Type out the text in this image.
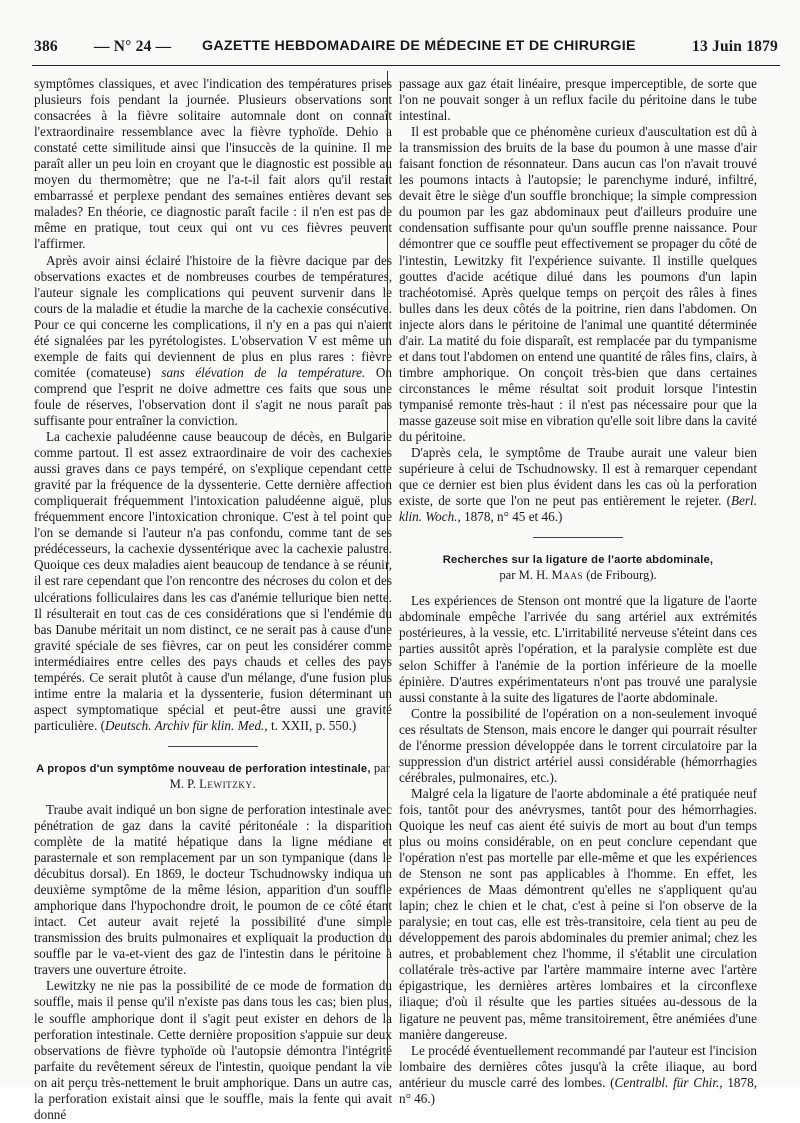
386 — N° 24 — GAZETTE HEBDOMADAIRE DE MÉDECINE ET DE CHIRURGIE	13 Juin 1879

symptômes classiques, et avec l'indication des températures prises plusieurs fois pendant la journée. Plusieurs observations sont consacrées à la fièvre solitaire automnale dont on connaît l'extraordinaire ressemblance avec la fièvre typhoïde. Dehio a constaté cette similitude ainsi que l'insuccès de la quinine. Il me paraît aller un peu loin en croyant que le diagnostic est possible au moyen du thermomètre; que ne l'a-t-il fait alors qu'il restait embarrassé et perplexe pendant des semaines entières devant ses malades? En théorie, ce diagnostic paraît facile : il n'en est pas de même en pratique, tout ceux qui ont vu ces fièvres peuvent l'affirmer.

Après avoir ainsi éclairé l'histoire de la fièvre dacique par des observations exactes et de nombreuses courbes de températures, l'auteur signale les complications qui peuvent survenir dans le cours de la maladie et étudie la marche de la cachexie consécutive. Pour ce qui concerne les complications, il n'y en a pas qui n'aient été signalées par les pyrétologistes. L'observation V est même un exemple de faits qui deviennent de plus en plus rares : fièvre comitée (comateuse) sans élévation de la température. On comprend que l'esprit ne doive admettre ces faits que sous une foule de réserves, l'observation dont il s'agit ne nous paraît pas suffisante pour entraîner la conviction.

La cachexie paludéenne cause beaucoup de décès, en Bulgarie comme partout. Il est assez extraordinaire de voir des cachexies aussi graves dans ce pays tempéré, on s'explique cependant cette gravité par la fréquence de la dyssenterie. Cette dernière affection compliquerait fréquemment l'intoxication paludéenne aiguë, plus fréquemment encore l'intoxication chronique. C'est à tel point que l'on se demande si l'auteur n'a pas confondu, comme tant de ses prédécesseurs, la cachexie dyssentérique avec la cachexie palustre. Quoique ces deux maladies aient beaucoup de tendance à se réunir, il est rare cependant que l'on rencontre des nécroses du colon et des ulcérations folliculaires dans les cas d'anémie tellurique bien nette. Il résulterait en tout cas de ces considérations que si l'endémie du bas Danube méritait un nom distinct, ce ne serait pas à cause d'une gravité spéciale de ses fièvres, car on peut les considérer comme intermédiaires entre celles des pays chauds et celles des pays tempérés. Ce serait plutôt à cause d'un mélange, d'une fusion plus intime entre la malaria et la dyssenterie, fusion déterminant un aspect symptomatique spécial et peut-être aussi une gravité particulière. (Deutsch. Archiv für klin. Med., t. XXII, p. 550.)

A propos d'un symptôme nouveau de perforation intestinale, par M. P. Lewitzky.

Traube avait indiqué un bon signe de perforation intestinale avec pénétration de gaz dans la cavité péritonéale : la disparition complète de la matité hépatique dans la ligne médiane et parasternale et son remplacement par un son tympanique (dans le décubitus dorsal). En 1869, le docteur Tschudnowsky indiqua un deuxième symptôme de la même lésion, apparition d'un souffle amphorique dans l'hypochondre droit, le poumon de ce côté étant intact. Cet auteur avait rejeté la possibilité d'une simple transmission des bruits pulmonaires et expliquait la production du souffle par le va-et-vient des gaz de l'intestin dans le péritoine à travers une ouverture étroite.

Lewitzky ne nie pas la possibilité de ce mode de formation du souffle, mais il pense qu'il n'existe pas dans tous les cas; bien plus, le souffle amphorique dont il s'agit peut exister en dehors de la perforation intestinale. Cette dernière proposition s'appuie sur deux observations de fièvre typhoïde où l'autopsie démontra l'intégrité parfaite du revêtement séreux de l'intestin, quoique pendant la vie on ait perçu très-nettement le bruit amphorique. Dans un autre cas, la perforation existait ainsi que le souffle, mais la fente qui avait donné

passage aux gaz était linéaire, presque imperceptible, de sorte que l'on ne pouvait songer à un reflux facile du péritoine dans le tube intestinal.

Il est probable que ce phénomène curieux d'auscultation est dû à la transmission des bruits de la base du poumon à une masse d'air faisant fonction de résonnateur. Dans aucun cas l'on n'avait trouvé les poumons intacts à l'autopsie; le parenchyme induré, infiltré, devait être le siège d'un souffle bronchique; la simple compression du poumon par les gaz abdominaux peut d'ailleurs produire une condensation suffisante pour qu'un souffle prenne naissance. Pour démontrer que ce souffle peut effectivement se propager du côté de l'intestin, Lewitzky fit l'expérience suivante. Il instille quelques gouttes d'acide acétique dilué dans les poumons d'un lapin trachéotomisé. Après quelque temps on perçoit des râles à fines bulles dans les deux côtés de la poitrine, rien dans l'abdomen. On injecte alors dans le péritoine de l'animal une quantité déterminée d'air. La matité du foie disparaît, est remplacée par du tympanisme et dans tout l'abdomen on entend une quantité de râles fins, clairs, à timbre amphorique. On conçoit très-bien que dans certaines circonstances le même résultat soit produit lorsque l'intestin tympanisé remonte très-haut : il n'est pas nécessaire pour que la masse gazeuse soit mise en vibration qu'elle soit libre dans la cavité du péritoine.

D'après cela, le symptôme de Traube aurait une valeur bien supérieure à celui de Tschudnowsky. Il est à remarquer cependant que ce dernier est bien plus évident dans les cas où la perforation existe, de sorte que l'on ne peut pas entièrement le rejeter. (Berl. klin. Woch., 1878, n° 45 et 46.)

Recherches sur la ligature de l'aorte abdominale,
par M. H. Maas (de Fribourg).

Les expériences de Stenson ont montré que la ligature de l'aorte abdominale empêche l'arrivée du sang artériel aux extrémités postérieures, à la vessie, etc. L'irritabilité nerveuse s'éteint dans ces parties aussitôt après l'opération, et la paralysie complète est due selon Schiffer à l'anémie de la portion inférieure de la moelle épinière. D'autres expérimentateurs n'ont pas trouvé une paralysie aussi constante à la suite des ligatures de l'aorte abdominale.

Contre la possibilité de l'opération on a non-seulement invoqué ces résultats de Stenson, mais encore le danger qui pourrait résulter de l'énorme pression développée dans le torrent circulatoire par la suppression d'un district artériel aussi considérable (hémorrhagies cérébrales, pulmonaires, etc.).

Malgré cela la ligature de l'aorte abdominale a été pratiquée neuf fois, tantôt pour des anévrysmes, tantôt pour des hémorrhagies. Quoique les neuf cas aient été suivis de mort au bout d'un temps plus ou moins considérable, on en peut conclure cependant que l'opération n'est pas mortelle par elle-même et que les expériences de Stenson ne sont pas applicables à l'homme. En effet, les expériences de Maas démontrent qu'elles ne s'appliquent qu'au lapin; chez le chien et le chat, c'est à peine si l'on observe de la paralysie; en tout cas, elle est très-transitoire, cela tient au peu de développement des parois abdominales du premier animal; chez les autres, et probablement chez l'homme, il s'établit une circulation collatérale très-active par l'artère mammaire interne avec l'artère épigastrique, les dernières artères lombaires et la circonflexe iliaque; d'où il résulte que les parties situées au-dessous de la ligature ne peuvent pas, même transitoirement, être anémiées d'une manière dangereuse.

Le procédé éventuellement recommandé par l'auteur est l'incision lombaire des dernières côtes jusqu'à la crête iliaque, au bord antérieur du muscle carré des lombes. (Centralbl. für Chir., 1878, n° 46.)
